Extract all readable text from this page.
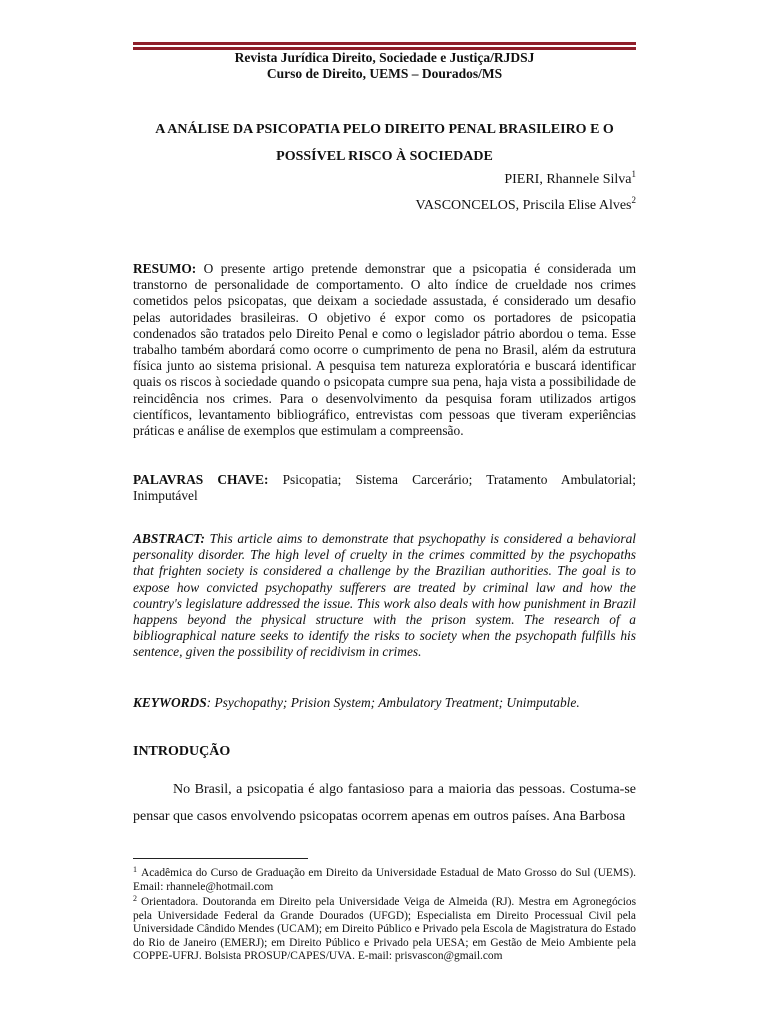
Revista Jurídica Direito, Sociedade e Justiça/RJDSJ
Curso de Direito, UEMS – Dourados/MS
A ANÁLISE DA PSICOPATIA PELO DIREITO PENAL BRASILEIRO E O
POSSÍVEL RISCO À SOCIEDADE
PIERI, Rhannele Silva$^1$
VASCONCELOS, Priscila Elise Alves$^2$
RESUMO: O presente artigo pretende demonstrar que a psicopatia é considerada um transtorno de personalidade de comportamento. O alto índice de crueldade nos crimes cometidos pelos psicopatas, que deixam a sociedade assustada, é considerado um desafio pelas autoridades brasileiras. O objetivo é expor como os portadores de psicopatia condenados são tratados pelo Direito Penal e como o legislador pátrio abordou o tema. Esse trabalho também abordará como ocorre o cumprimento de pena no Brasil, além da estrutura física junto ao sistema prisional. A pesquisa tem natureza exploratória e buscará identificar quais os riscos à sociedade quando o psicopata cumpre sua pena, haja vista a possibilidade de reincidência nos crimes. Para o desenvolvimento da pesquisa foram utilizados artigos científicos, levantamento bibliográfico, entrevistas com pessoas que tiveram experiências práticas e análise de exemplos que estimulam a compreensão.
PALAVRAS CHAVE: Psicopatia; Sistema Carcerário; Tratamento Ambulatorial; Inimputável
ABSTRACT: This article aims to demonstrate that psychopathy is considered a behavioral personality disorder. The high level of cruelty in the crimes committed by the psychopaths that frighten society is considered a challenge by the Brazilian authorities. The goal is to expose how convicted psychopathy sufferers are treated by criminal law and how the country's legislature addressed the issue. This work also deals with how punishment in Brazil happens beyond the physical structure with the prison system. The research of a bibliographical nature seeks to identify the risks to society when the psychopath fulfills his sentence, given the possibility of recidivism in crimes.
KEYWORDS: Psychopathy; Prision System; Ambulatory Treatment; Unimputable.
INTRODUÇÃO
No Brasil, a psicopatia é algo fantasioso para a maioria das pessoas. Costuma-se pensar que casos envolvendo psicopatas ocorrem apenas em outros países. Ana Barbosa
$^1$ Acadêmica do Curso de Graduação em Direito da Universidade Estadual de Mato Grosso do Sul (UEMS). Email: rhannele@hotmail.com
$^2$ Orientadora. Doutoranda em Direito pela Universidade Veiga de Almeida (RJ). Mestra em Agronegócios pela Universidade Federal da Grande Dourados (UFGD); Especialista em Direito Processual Civil pela Universidade Cândido Mendes (UCAM); em Direito Público e Privado pela Escola de Magistratura do Estado do Rio de Janeiro (EMERJ); em Direito Público e Privado pela UESA; em Gestão de Meio Ambiente pela COPPE-UFRJ. Bolsista PROSUP/CAPES/UVA. E-mail: prisvascon@gmail.com
